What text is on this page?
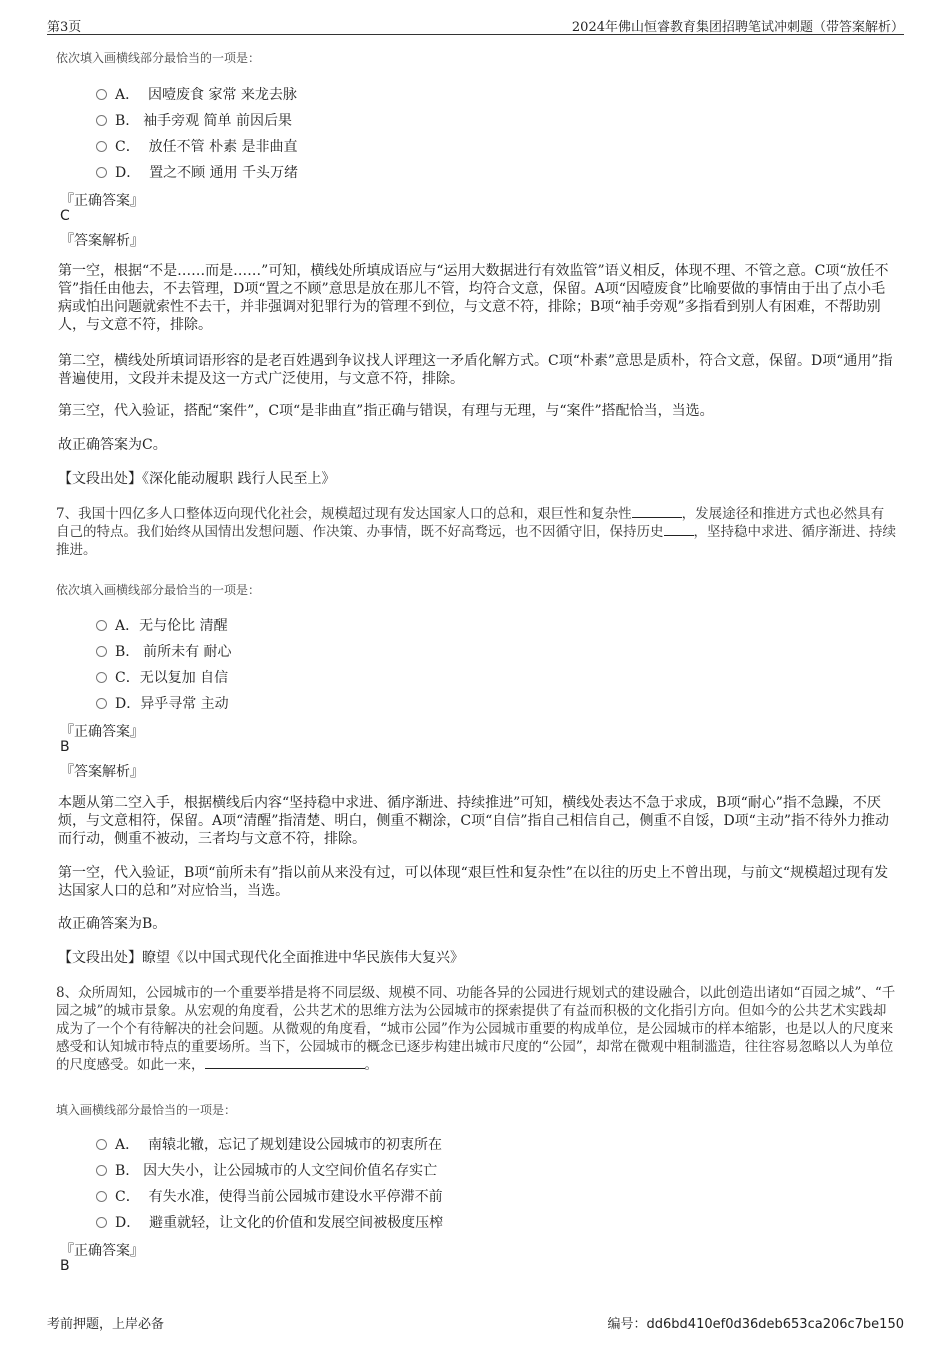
第3页	2024年佛山恒睿教育集团招聘笔试冲刺题（带答案解析）
依次填入画横线部分最恰当的一项是：
A． 因噎废食 家常 来龙去脉
B. 袖手旁观 简单 前因后果
C． 放任不管 朴素 是非曲直
D． 置之不顾 通用 千头万绪
『正确答案』
C
『答案解析』
第一空，根据“不是……而是……”可知，横线处所填成语应与“运用大数据进行有效监管”语义相反，体现不理、不管之意。C项“放任不管”指任由他去，不去管理，D项“置之不顾”意思是放在那儿不管，均符合文意，保留。A项“因噎废食”比喻要做的事情由于出了点小毛病或怕出问题就索性不去干，并非强调对犯罪行为的管理不到位，与文意不符，排除；B项“袖手旁观”多指看到别人有困难，不帮助别人，与文意不符，排除。
第二空，横线处所填词语形容的是老百姓遇到争议找人评理这一矛盾化解方式。C项“朴素”意思是质朴，符合文意，保留。D项“通用”指普遍使用，文段并未提及这一方式广泛使用，与文意不符，排除。
第三空，代入验证，搭配“案件”，C项“是非曲直”指正确与错误，有理与无理，与“案件”搭配恰当，当选。
故正确答案为C。
【文段出处】《深化能动履职 践行人民至上》
7、我国十四亿多人口整体迈向现代化社会，规模超过现有发达国家人口的总和，艰巨性和复杂性	，发展途径和推进方式也必然具有自己的特点。我们始终从国情出发想问题、作决策、办事情，既不好高骛远，也不因循守旧，保持历史 ，坚持稳中求进、循序渐进、持续推进。
依次填入画横线部分最恰当的一项是：
A．无与伦比 清醒
B. 前所未有 耐心
C．无以复加 自信
D．异乎寻常 主动
『正确答案』
B
『答案解析』
本题从第二空入手，根据横线后内容“坚持稳中求进、循序渐进、持续推进”可知，横线处表达不急于求成，B项“耐心”指不急躁，不厌烦，与文意相符，保留。A项“清醒”指清楚、明白，侧重不糊涂，C项“自信”指自己相信自己，侧重不自馁，D项“主动”指不待外力推动而行动，侧重不被动，三者均与文意不符，排除。
第一空，代入验证，B项“前所未有”指以前从来没有过，可以体现“艰巨性和复杂性”在以往的历史上不曾出现，与前文“规模超过现有发达国家人口的总和”对应恰当，当选。
故正确答案为B。
【文段出处】瞭望《以中国式现代化全面推进中华民族伟大复兴》
8、众所周知，公园城市的一个重要举措是将不同层级、规模不同、功能各异的公园进行规划式的建设融合，以此创造出诸如“百园之城”、“千园之城”的城市景象。从宏观的角度看，公共艺术的思维方法为公园城市的探索提供了有益而积极的文化指引方向。但如今的公共艺术实践却成为了一个个有待解决的社会问题。从微观的角度看，“城市公园”作为公园城市重要的构成单位，是公园城市的样本缩影，也是以人的尺度来感受和认知城市特点的重要场所。当下，公园城市的概念已逐步构建出城市尺度的“公园”，却常在微观中粗制滥造，往往容易忽略以人为单位的尺度感受。如此一来，	。
填入画横线部分最恰当的一项是：
A． 南辕北辙，忘记了规划建设公园城市的初衷所在
B. 因大失小，让公园城市的人文空间价值名存实亡
C． 有失水准，使得当前公园城市建设水平停滞不前
D． 避重就轻，让文化的价值和发展空间被极度压榨
『正确答案』
B
考前押题，上岸必备	编号：dd6bd410ef0d36deb653ca206c7be150
